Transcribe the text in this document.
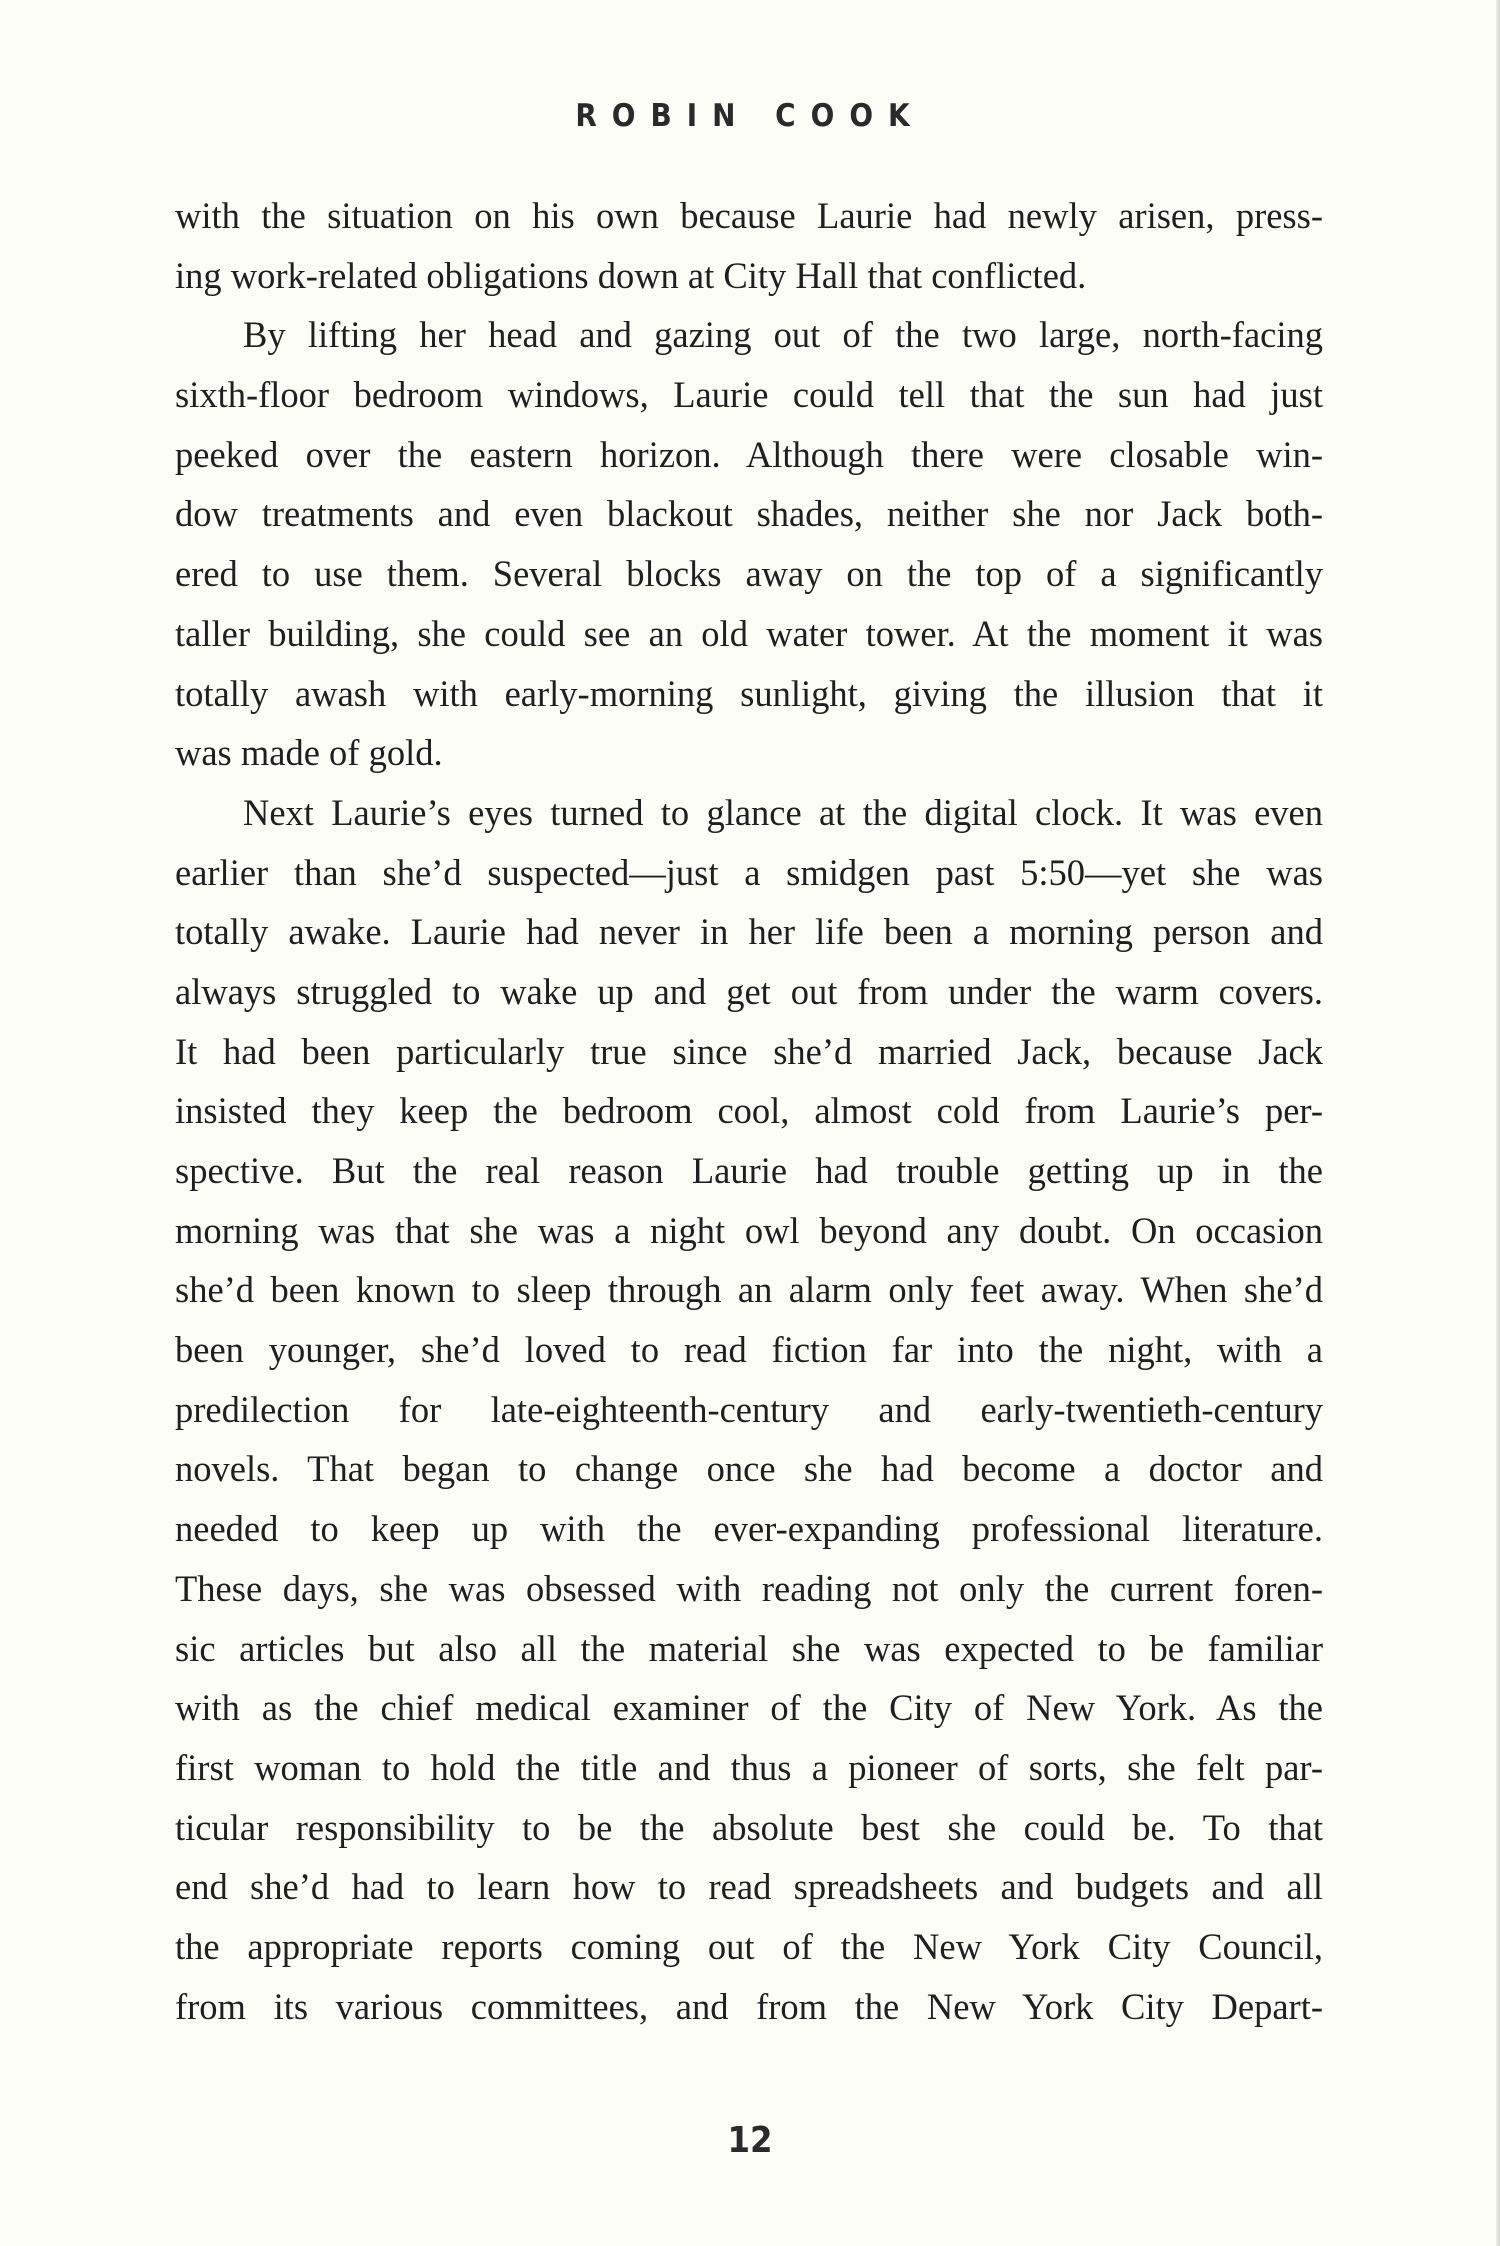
ROBIN COOK
with the situation on his own because Laurie had newly arisen, press-
ing work-related obligations down at City Hall that conflicted.
By lifting her head and gazing out of the two large, north-facing
sixth-floor bedroom windows, Laurie could tell that the sun had just
peeked over the eastern horizon. Although there were closable win-
dow treatments and even blackout shades, neither she nor Jack both-
ered to use them. Several blocks away on the top of a significantly
taller building, she could see an old water tower. At the moment it was
totally awash with early-morning sunlight, giving the illusion that it
was made of gold.
Next Laurie’s eyes turned to glance at the digital clock. It was even
earlier than she’d suspected—just a smidgen past 5:50—yet she was
totally awake. Laurie had never in her life been a morning person and
always struggled to wake up and get out from under the warm covers.
It had been particularly true since she’d married Jack, because Jack
insisted they keep the bedroom cool, almost cold from Laurie’s per-
spective. But the real reason Laurie had trouble getting up in the
morning was that she was a night owl beyond any doubt. On occasion
she’d been known to sleep through an alarm only feet away. When she’d
been younger, she’d loved to read fiction far into the night, with a
predilection for late-eighteenth-century and early-twentieth-century
novels. That began to change once she had become a doctor and
needed to keep up with the ever-expanding professional literature.
These days, she was obsessed with reading not only the current foren-
sic articles but also all the material she was expected to be familiar
with as the chief medical examiner of the City of New York. As the
first woman to hold the title and thus a pioneer of sorts, she felt par-
ticular responsibility to be the absolute best she could be. To that
end she’d had to learn how to read spreadsheets and budgets and all
the appropriate reports coming out of the New York City Council,
from its various committees, and from the New York City Depart-
12
